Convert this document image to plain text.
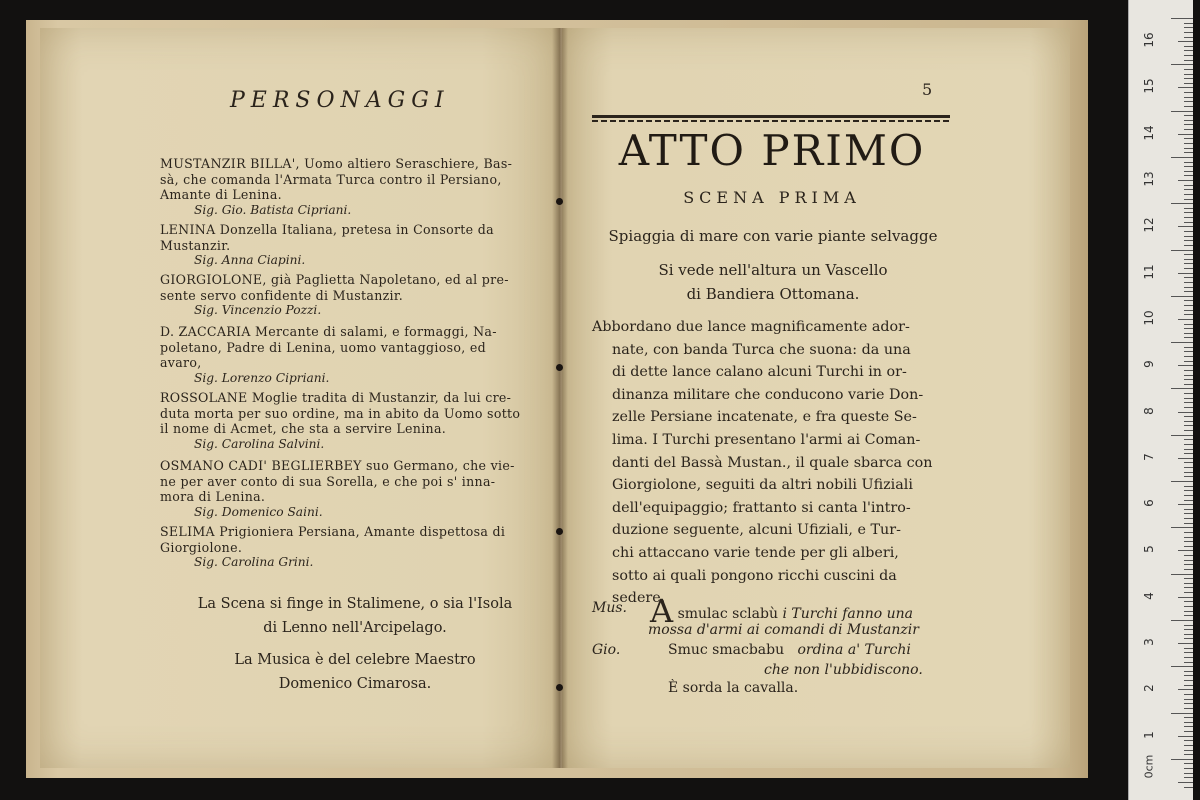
PERSONAGGI
MUSTANZIR BILLA', Uomo altiero Seraschiere, Bas-
sà, che comanda l'Armata Turca contro il Persiano,
Amante di Lenina.
Sig. Gio. Batista Cipriani.
LENINA Donzella Italiana, pretesa in Consorte da
Mustanzir.
Sig. Anna Ciapini.
GIORGIOLONE, già Paglietta Napoletano, ed al pre-
sente servo confidente di Mustanzir.
Sig. Vincenzio Pozzi.
D. ZACCARIA Mercante di salami, e formaggi, Na-
poletano, Padre di Lenina, uomo vantaggioso, ed
avaro,
Sig. Lorenzo Cipriani.
ROSSOLANE Moglie tradita di Mustanzir, da lui cre-
duta morta per suo ordine, ma in abito da Uomo sotto
il nome di Acmet, che sta a servire Lenina.
Sig. Carolina Salvini.
OSMANO CADI' BEGLIERBEY suo Germano, che vie-
ne per aver conto di sua Sorella, e che poi s' inna-
mora di Lenina.
Sig. Domenico Saini.
SELIMA Prigioniera Persiana, Amante dispettosa di
Giorgiolone.
Sig. Carolina Grini.
La Scena si finge in Stalimene, o sia l'Isola
di Lenno nell'Arcipelago.
La Musica è del celebre Maestro
Domenico Cimarosa.
5
ATTO PRIMO
SCENA PRIMA
Spiaggia di mare con varie piante selvagge
Si vede nell'altura un Vascello
di Bandiera Ottomana.
Abbordano due lance magnificamente ador-
nate, con banda Turca che suona: da una
di dette lance calano alcuni Turchi in or-
dinanza militare che conducono varie Don-
zelle Persiane incatenate, e fra queste Se-
lima. I Turchi presentano l'armi ai Coman-
danti del Bassà Mustan., il quale sbarca con
Giorgiolone, seguiti da altri nobili Ufiziali
dell'equipaggio; frattanto si canta l'intro-
duzione seguente, alcuni Ufiziali, e Tur-
chi attaccano varie tende per gli alberi,
sotto ai quali pongono ricchi cuscini da
sedere.
Mus. A smulac sclabù i Turchi fanno una
mossa d'armi ai comandi di Mustanzir
Gio.	Smuc smacbabu ordina a' Turchi
che non l'ubbidiscono.
È sorda la cavalla.
0cm
16
15
14
13
12
11
10
9
8
7
6
5
4
3
2
1
